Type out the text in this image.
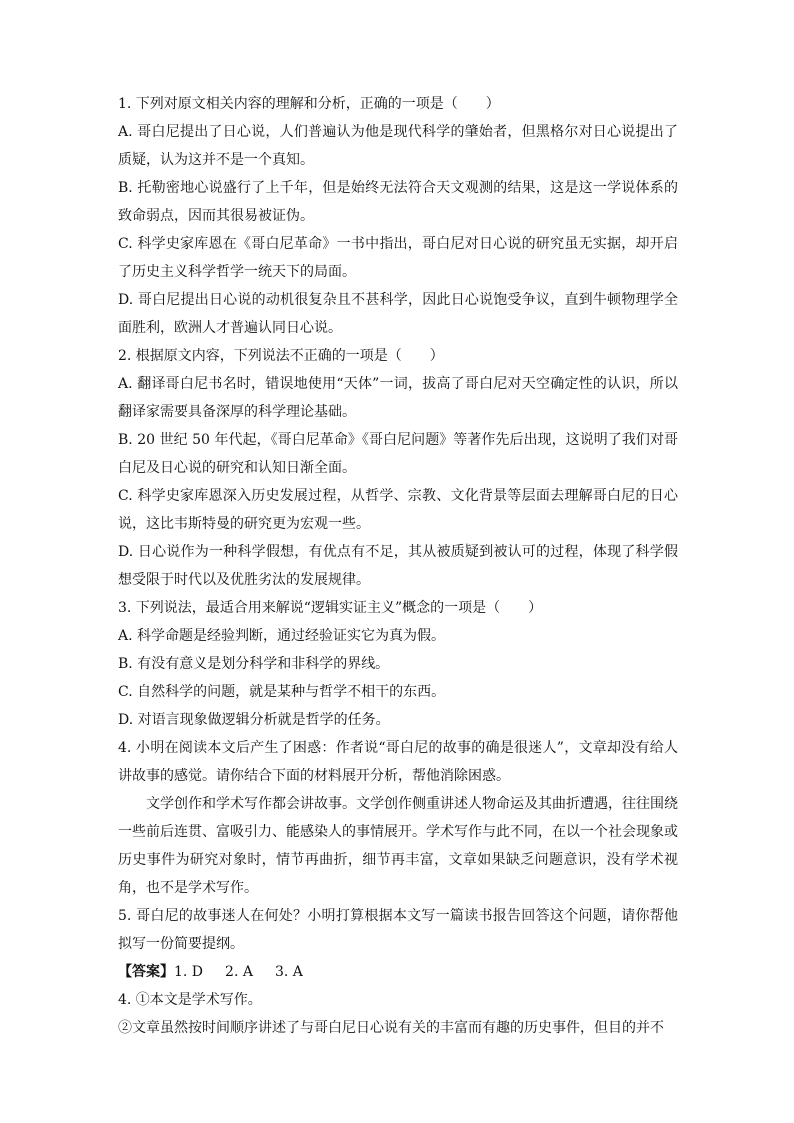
1. 下列对原文相关内容的理解和分析，正确的一项是（　　）

A. 哥白尼提出了日心说，人们普遍认为他是现代科学的肇始者，但黑格尔对日心说提出了质疑，认为这并不是一个真知。

B. 托勒密地心说盛行了上千年，但是始终无法符合天文观测的结果，这是这一学说体系的致命弱点，因而其很易被证伪。

C. 科学史家库恩在《哥白尼革命》一书中指出，哥白尼对日心说的研究虽无实据，却开启了历史主义科学哲学一统天下的局面。

D. 哥白尼提出日心说的动机很复杂且不甚科学，因此日心说饱受争议，直到牛顿物理学全面胜利，欧洲人才普遍认同日心说。

2. 根据原文内容，下列说法不正确的一项是（　　）

A. 翻译哥白尼书名时，错误地使用“天体”一词，拔高了哥白尼对天空确定性的认识，所以翻译家需要具备深厚的科学理论基础。

B. 20 世纪 50 年代起，《哥白尼革命》《哥白尼问题》等著作先后出现，这说明了我们对哥白尼及日心说的研究和认知日渐全面。

C. 科学史家库恩深入历史发展过程，从哲学、宗教、文化背景等层面去理解哥白尼的日心说，这比韦斯特曼的研究更为宏观一些。

D. 日心说作为一种科学假想，有优点有不足，其从被质疑到被认可的过程，体现了科学假想受限于时代以及优胜劣汰的发展规律。

3. 下列说法，最适合用来解说“逻辑实证主义”概念的一项是（　　）

A. 科学命题是经验判断，通过经验证实它为真为假。

B. 有没有意义是划分科学和非科学的界线。

C. 自然科学的问题，就是某种与哲学不相干的东西。

D. 对语言现象做逻辑分析就是哲学的任务。

4. 小明在阅读本文后产生了困惑：作者说“哥白尼的故事的确是很迷人”，文章却没有给人讲故事的感觉。请你结合下面的材料展开分析，帮他消除困惑。

文学创作和学术写作都会讲故事。文学创作侧重讲述人物命运及其曲折遭遇，往往围绕一些前后连贯、富吸引力、能感染人的事情展开。学术写作与此不同，在以一个社会现象或历史事件为研究对象时，情节再曲折，细节再丰富，文章如果缺乏问题意识，没有学术视角，也不是学术写作。

5. 哥白尼的故事迷人在何处？小明打算根据本文写一篇读书报告回答这个问题，请你帮他拟写一份简要提纲。

【答案】1. D 2. A 3. A

4. ①本文是学术写作。

②文章虽然按时间顺序讲述了与哥白尼日心说有关的丰富而有趣的历史事件，但目的并不
